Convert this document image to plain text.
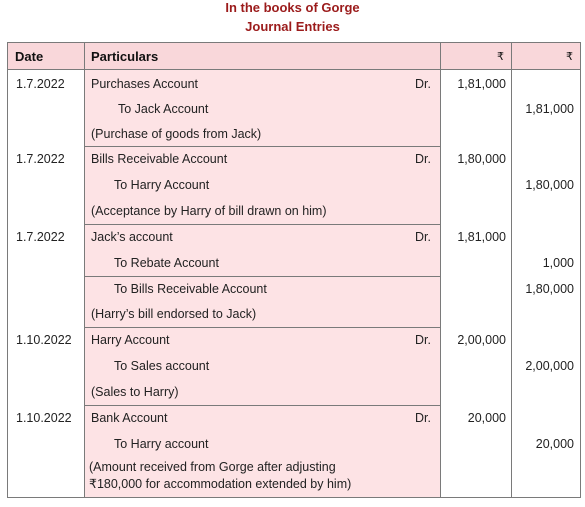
In the books of Gorge
Journal Entries
Date	Particulars	₹	₹
1.7.2022 Purchases Account	Dr.	1,81,000
To Jack Account	1,81,000
(Purchase of goods from Jack)
1.7.2022 Bills Receivable Account	Dr.	1,80,000
To Harry Account	1,80,000
(Acceptance by Harry of bill drawn on him)
1.7.2022 Jack’s account	Dr.	1,81,000
To Rebate Account	1,000
To Bills Receivable Account	1,80,000
(Harry’s bill endorsed to Jack)
1.10.2022 Harry Account	Dr.	2,00,000
To Sales account	2,00,000
(Sales to Harry)
1.10.2022 Bank Account	Dr.	20,000
To Harry account	20,000
(Amount received from Gorge after adjusting
₹180,000 for accommodation extended by him)
